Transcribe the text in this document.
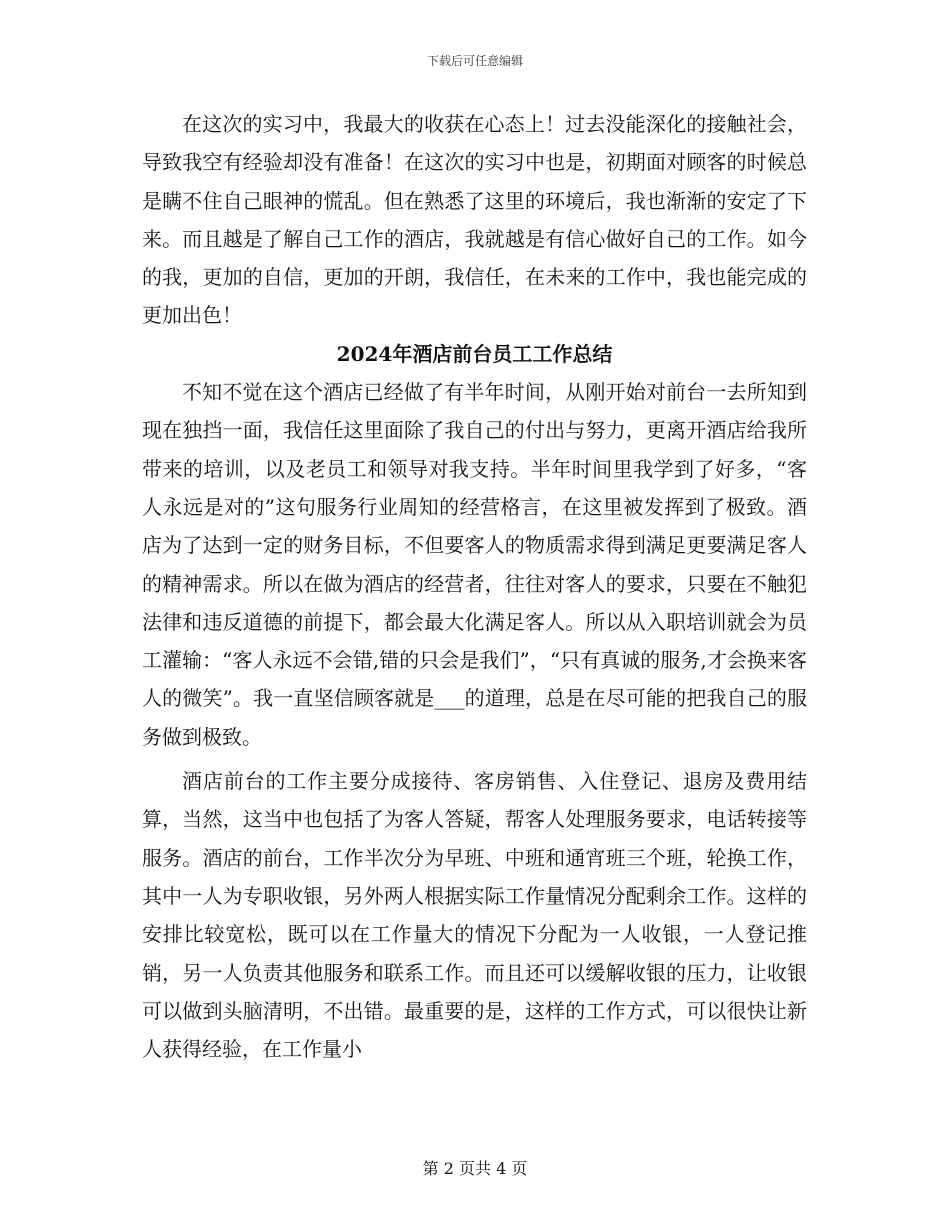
下载后可任意编辑

在这次的实习中，我最大的收获在心态上！过去没能深化的接触社会，导致我空有经验却没有准备！在这次的实习中也是，初期面对顾客的时候总是瞒不住自己眼神的慌乱。但在熟悉了这里的环境后，我也渐渐的安定了下来。而且越是了解自己工作的酒店，我就越是有信心做好自己的工作。如今的我，更加的自信，更加的开朗，我信任，在未来的工作中，我也能完成的更加出色！

2024年酒店前台员工工作总结

不知不觉在这个酒店已经做了有半年时间，从刚开始对前台一去所知到现在独挡一面，我信任这里面除了我自己的付出与努力，更离开酒店给我所带来的培训，以及老员工和领导对我支持。半年时间里我学到了好多，“客人永远是对的”这句服务行业周知的经营格言，在这里被发挥到了极致。酒店为了达到一定的财务目标，不但要客人的物质需求得到满足更要满足客人的精神需求。所以在做为酒店的经营者，往往对客人的要求，只要在不触犯法律和违反道德的前提下，都会最大化满足客人。所以从入职培训就会为员工灌输：“客人永远不会错,错的只会是我们”，“只有真诚的服务,才会换来客人的微笑”。我一直坚信顾客就是___的道理，总是在尽可能的把我自己的服务做到极致。

酒店前台的工作主要分成接待、客房销售、入住登记、退房及费用结算，当然，这当中也包括了为客人答疑，帮客人处理服务要求，电话转接等服务。酒店的前台，工作半次分为早班、中班和通宵班三个班，轮换工作，其中一人为专职收银，另外两人根据实际工作量情况分配剩余工作。这样的安排比较宽松，既可以在工作量大的情况下分配为一人收银，一人登记推销，另一人负责其他服务和联系工作。而且还可以缓解收银的压力，让收银可以做到头脑清明，不出错。最重要的是，这样的工作方式，可以很快让新人获得经验，在工作量小

第 2 页共 4 页
